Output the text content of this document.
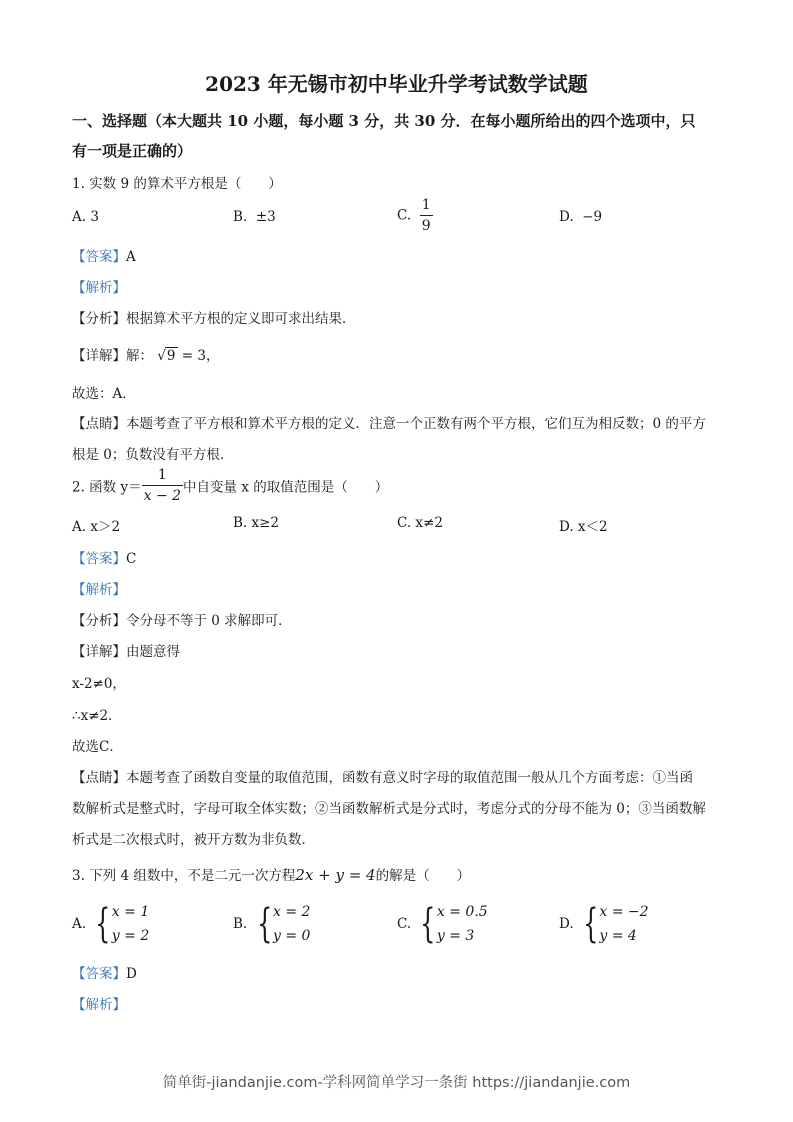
2023 年无锡市初中毕业升学考试数学试题
一、选择题（本大题共 10 小题，每小题 3 分，共 30 分．在每小题所给出的四个选项中，只
有一项是正确的）
1. 实数 9 的算术平方根是（　　）
A. 3	B. ±3	C. $\frac{1}{9}$	D. −9
【答案】A
【解析】
【分析】根据算术平方根的定义即可求出结果．
【详解】解： √9 = 3，
故选：A．
【点睛】本题考查了平方根和算术平方根的定义．注意一个正数有两个平方根，它们互为相反数；0 的平方
根是 0；负数没有平方根．
2. 函数 $y= \frac{1}{x - 2}$ 中自变量 x 的取值范围是（　　）
A. x＞2	B. x≥2	C. x≠2	D. x＜2
【答案】C
【解析】
【分析】令分母不等于 0 求解即可．
【详解】由题意得
x-2≠0，
∴x≠2．
故选C．
【点睛】本题考查了函数自变量的取值范围，函数有意义时字母的取值范围一般从几个方面考虑：①当函
数解析式是整式时，字母可取全体实数；②当函数解析式是分式时，考虑分式的分母不能为 0；③当函数解
析式是二次根式时，被开方数为非负数．
3. 下列 4 组数中，不是二元一次方程2x + y = 4的解是（　　）
A.
{ x = 1
y = 2
B.
{ x = 2
y = 0
C.
{ x = 0.5
y = 3
D.
{ x = −2
y = 4
【答案】D
【解析】
简单街-jiandanjie.com-学科网简单学习一条街 https://jiandanjie.com
